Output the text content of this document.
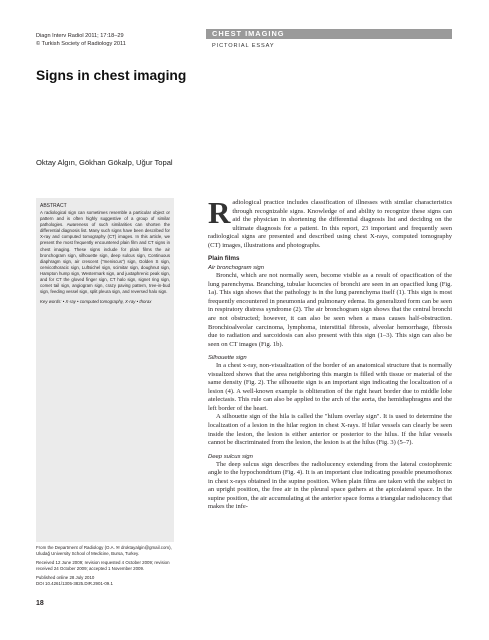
Diagn Interv Radiol 2011; 17:18–29
© Turkish Society of Radiology 2011
CHEST IMAGING
PICTORIAL ESSAY
Signs in chest imaging
Oktay Algın, Gökhan Gökalp, Uğur Topal
ABSTRACT
A radiological sign can sometimes resemble a particular object or pattern and is often highly suggestive of a group of similar pathologies. Awareness of such similarities can shorten the differential diagnosis list. Many such signs have been described for X-ray and computed tomography (CT) images. In this article, we present the most frequently encountered plain film and CT signs in chest imaging. These signs include for plain films the air bronchogram sign, silhouette sign, deep sulcus sign, Continuous diaphragm sign, air crescent ("meniscus") sign, Golden S sign, cervicothoracic sign, Luftsichel sign, scimitar sign, doughnut sign, Hampton hump sign, Westermark sign, and juxtaphrenic peak sign, and for CT the gloved finger sign, CT halo sign, signet ring sign, comet tail sign, angiogram sign, crazy paving pattern, tree-in-bud sign, feeding vessel sign, split pleura sign, and reversed halo sign.
Key words: • X-ray • computed tomography, X-ray • thorax

From the Department of Radiology (O.A. ✉ droktayalgin@gmail.com), Uludağ University School of Medicine, Bursa, Turkey.

Received 12 June 2009; revision requested 4 October 2009; revision received 24 October 2009; accepted 1 November 2009.

Published online 28 July 2010
DOI 10.4261/1305-3825.DIR.2901-09.1
18

Radiological practice includes classification of illnesses with similar characteristics through recognizable signs. Knowledge of and ability to recognize these signs can aid the physician in shortening the differential diagnosis list and deciding on the ultimate diagnosis for a patient. In this report, 23 important and frequently seen radiological signs are presented and described using chest X-rays, computed tomography (CT) images, illustrations and photographs.

Plain films
Air bronchogram sign

Bronchi, which are not normally seen, become visible as a result of opacification of the lung parenchyma. Branching, tubular lucencies of bronchi are seen in an opacified lung (Fig. 1a). This sign shows that the pathology is in the lung parenchyma itself (1). This sign is most frequently encountered in pneumonia and pulmonary edema. Its generalized form can be seen in respiratory distress syndrome (2). The air bronchogram sign shows that the central bronchi are not obstructed; however, it can also be seen when a mass causes half-obstruction. Bronchioalveolar carcinoma, lymphoma, interstitial fibrosis, alveolar hemorrhage, fibrosis due to radiation and sarcoidosis can also present with this sign (1–3). This sign can also be seen on CT images (Fig. 1b).

Silhouette sign

In a chest x-ray, non-visualization of the border of an anatomical structure that is normally visualized shows that the area neighboring this margin is filled with tissue or material of the same density (Fig. 2). The silhouette sign is an important sign indicating the localization of a lesion (4). A well-known example is obliteration of the right heart border due to middle lobe atelectasis. This rule can also be applied to the arch of the aorta, the hemidiaphragms and the left border of the heart.

A silhouette sign of the hila is called the "hilum overlay sign". It is used to determine the localization of a lesion in the hilar region in chest X-rays. If hilar vessels can clearly be seen inside the lesion, the lesion is either anterior or posterior to the hilus. If the hilar vessels cannot be discriminated from the lesion, the lesion is at the hilus (Fig. 3) (5–7).

Deep sulcus sign

The deep sulcus sign describes the radiolucency extending from the lateral costophrenic angle to the hypochondrium (Fig. 4). It is an important clue indicating possible pneumothorax in chest x-rays obtained in the supine position. When plain films are taken with the subject in an upright position, the free air in the pleural space gathers at the apicolateral space. In the supine position, the air accumulating at the anterior space forms a triangular radiolucency that makes the infe-
